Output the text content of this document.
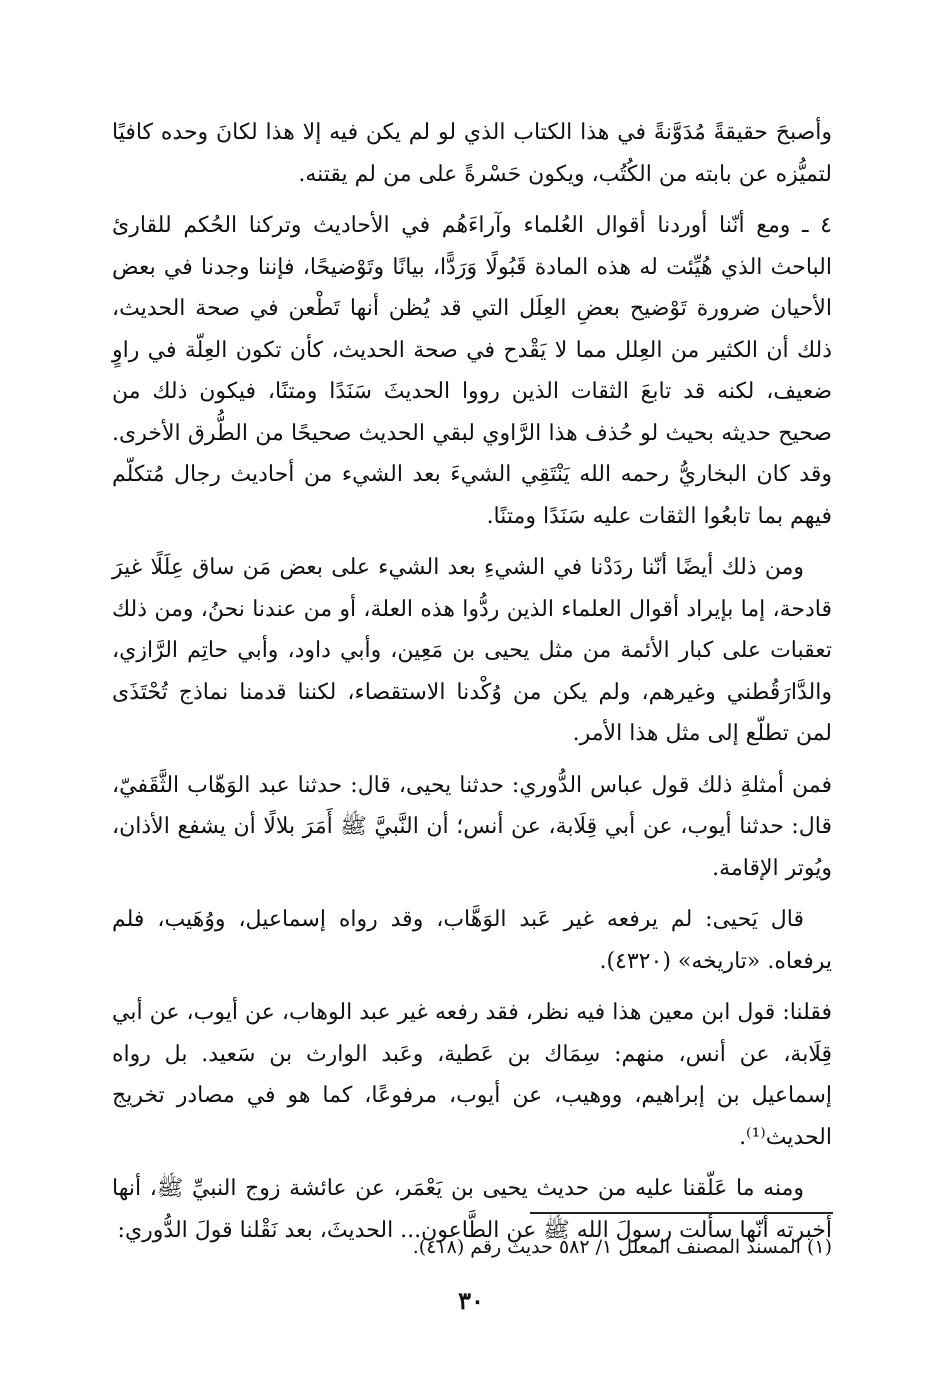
وأصبحَ حقيقةً مُدَوَّنةً في هذا الكتاب الذي لو لم يكن فيه إلا هذا لكانَ وحده كافيًا لتميُّزه عن بابته من الكُتُب، ويكون حَسْرةً على من لم يقتنه.

٤ ـ ومع أنّنا أوردنا أقوال العُلماء وآراءَهُم في الأحاديث وتركنا الحُكم للقارئ الباحث الذي هُيِّئت له هذه المادة قَبُولًا وَرَدًّا، بيانًا وتَوْضيحًا، فإننا وجدنا في بعض الأحيان ضرورة تَوْضيح بعضِ العِلَل التي قد يُظن أنها تَطْعن في صحة الحديث، ذلك أن الكثير من العِلل مما لا يَقْدح في صحة الحديث، كأن تكون العِلّة في راوٍ ضعيف، لكنه قد تابعَ الثقات الذين رووا الحديثَ سَنَدًا ومتنًا، فيكون ذلك من صحيح حديثه بحيث لو حُذف هذا الرَّاوي لبقي الحديث صحيحًا من الطُّرق الأخرى. وقد كان البخاريُّ رحمه الله يَنْتَقِي الشيءَ بعد الشيء من أحاديث رجال مُتكلّم فيهم بما تابعُوا الثقات عليه سَنَدًا ومتنًا.

ومن ذلك أيضًا أنّنا ردَدْنا في الشيءِ بعد الشيء على بعض مَن ساق عِلَلًا غيرَ قادحة، إما بإيراد أقوال العلماء الذين ردُّوا هذه العلة، أو من عندنا نحنُ، ومن ذلك تعقبات على كبار الأئمة من مثل يحيى بن مَعِين، وأبي داود، وأبي حاتِم الرَّازي، والدَّارَقُطني وغيرهم، ولم يكن من وُكْدنا الاستقصاء، لكننا قدمنا نماذج تُحْتَذَى لمن تطلّع إلى مثل هذا الأمر.

فمن أمثلةِ ذلك قول عباس الدُّوري: حدثنا يحيى، قال: حدثنا عبد الوَهّاب الثَّقَفيّ، قال: حدثنا أيوب، عن أبي قِلَابة، عن أنس؛ أن النَّبيَّ ﷺ أَمَرَ بلالًا أن يشفع الأذان، ويُوتر الإقامة.

قال يَحيى: لم يرفعه غير عَبد الوَهَّاب، وقد رواه إسماعيل، ووُهَيب، فلم يرفعاه. «تاريخه» (٤٣٢٠).

فقلنا: قول ابن معين هذا فيه نظر، فقد رفعه غير عبد الوهاب، عن أيوب، عن أبي قِلَابة، عن أنس، منهم: سِمَاك بن عَطية، وعَبد الوارث بن سَعيد. بل رواه إسماعيل بن إبراهيم، ووهيب، عن أيوب، مرفوعًا، كما هو في مصادر تخريج الحديث⁽¹⁾.

ومنه ما عَلّقنا عليه من حديث يحيى بن يَعْمَر، عن عائشة زوج النبيِّ ﷺ، أنها أخبرته أنّها سألت رسولَ الله ﷺ عن الطَّاعون... الحديثَ، بعد نَقْلنا قولَ الدُّوري:

(١) المسند المصنف المعلل ١/ ٥٨٢ حديث رقم (٤١٨).
٣٠
